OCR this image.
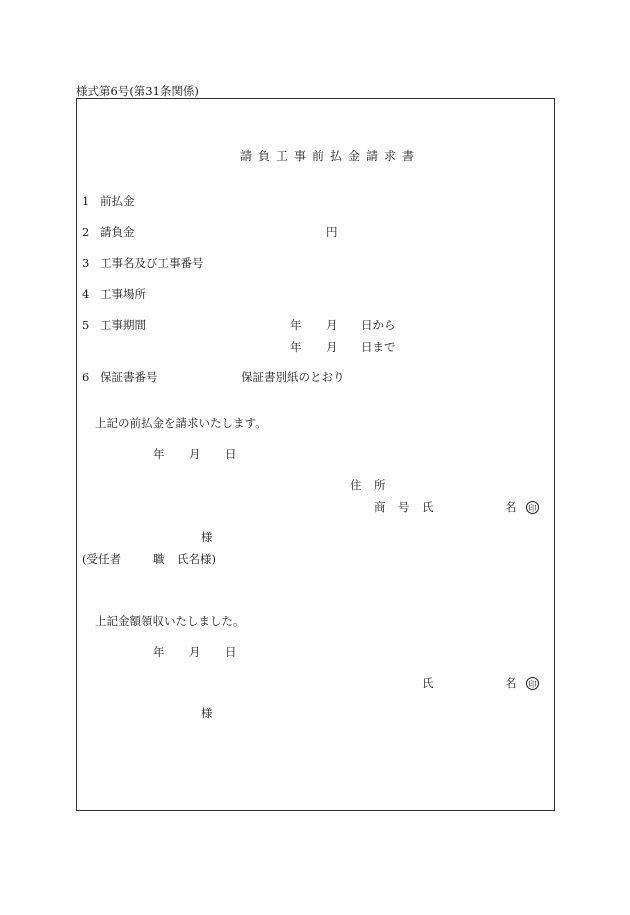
様式第6号(第31条関係)
請負工事前払金請求書
1 前払金
2 請負金	円
3 工事名及び工事番号
4 工事場所
5 工事期間	年 月 日から
年 月 日まで
6 保証書番号	保証書別紙のとおり
上記の前払金を請求いたします。
年 月 日
住 所
商 号 氏	名	印
様
(受任者	職 氏名様)
上記金額領収いたしました。
年 月 日
氏	名	印
様
